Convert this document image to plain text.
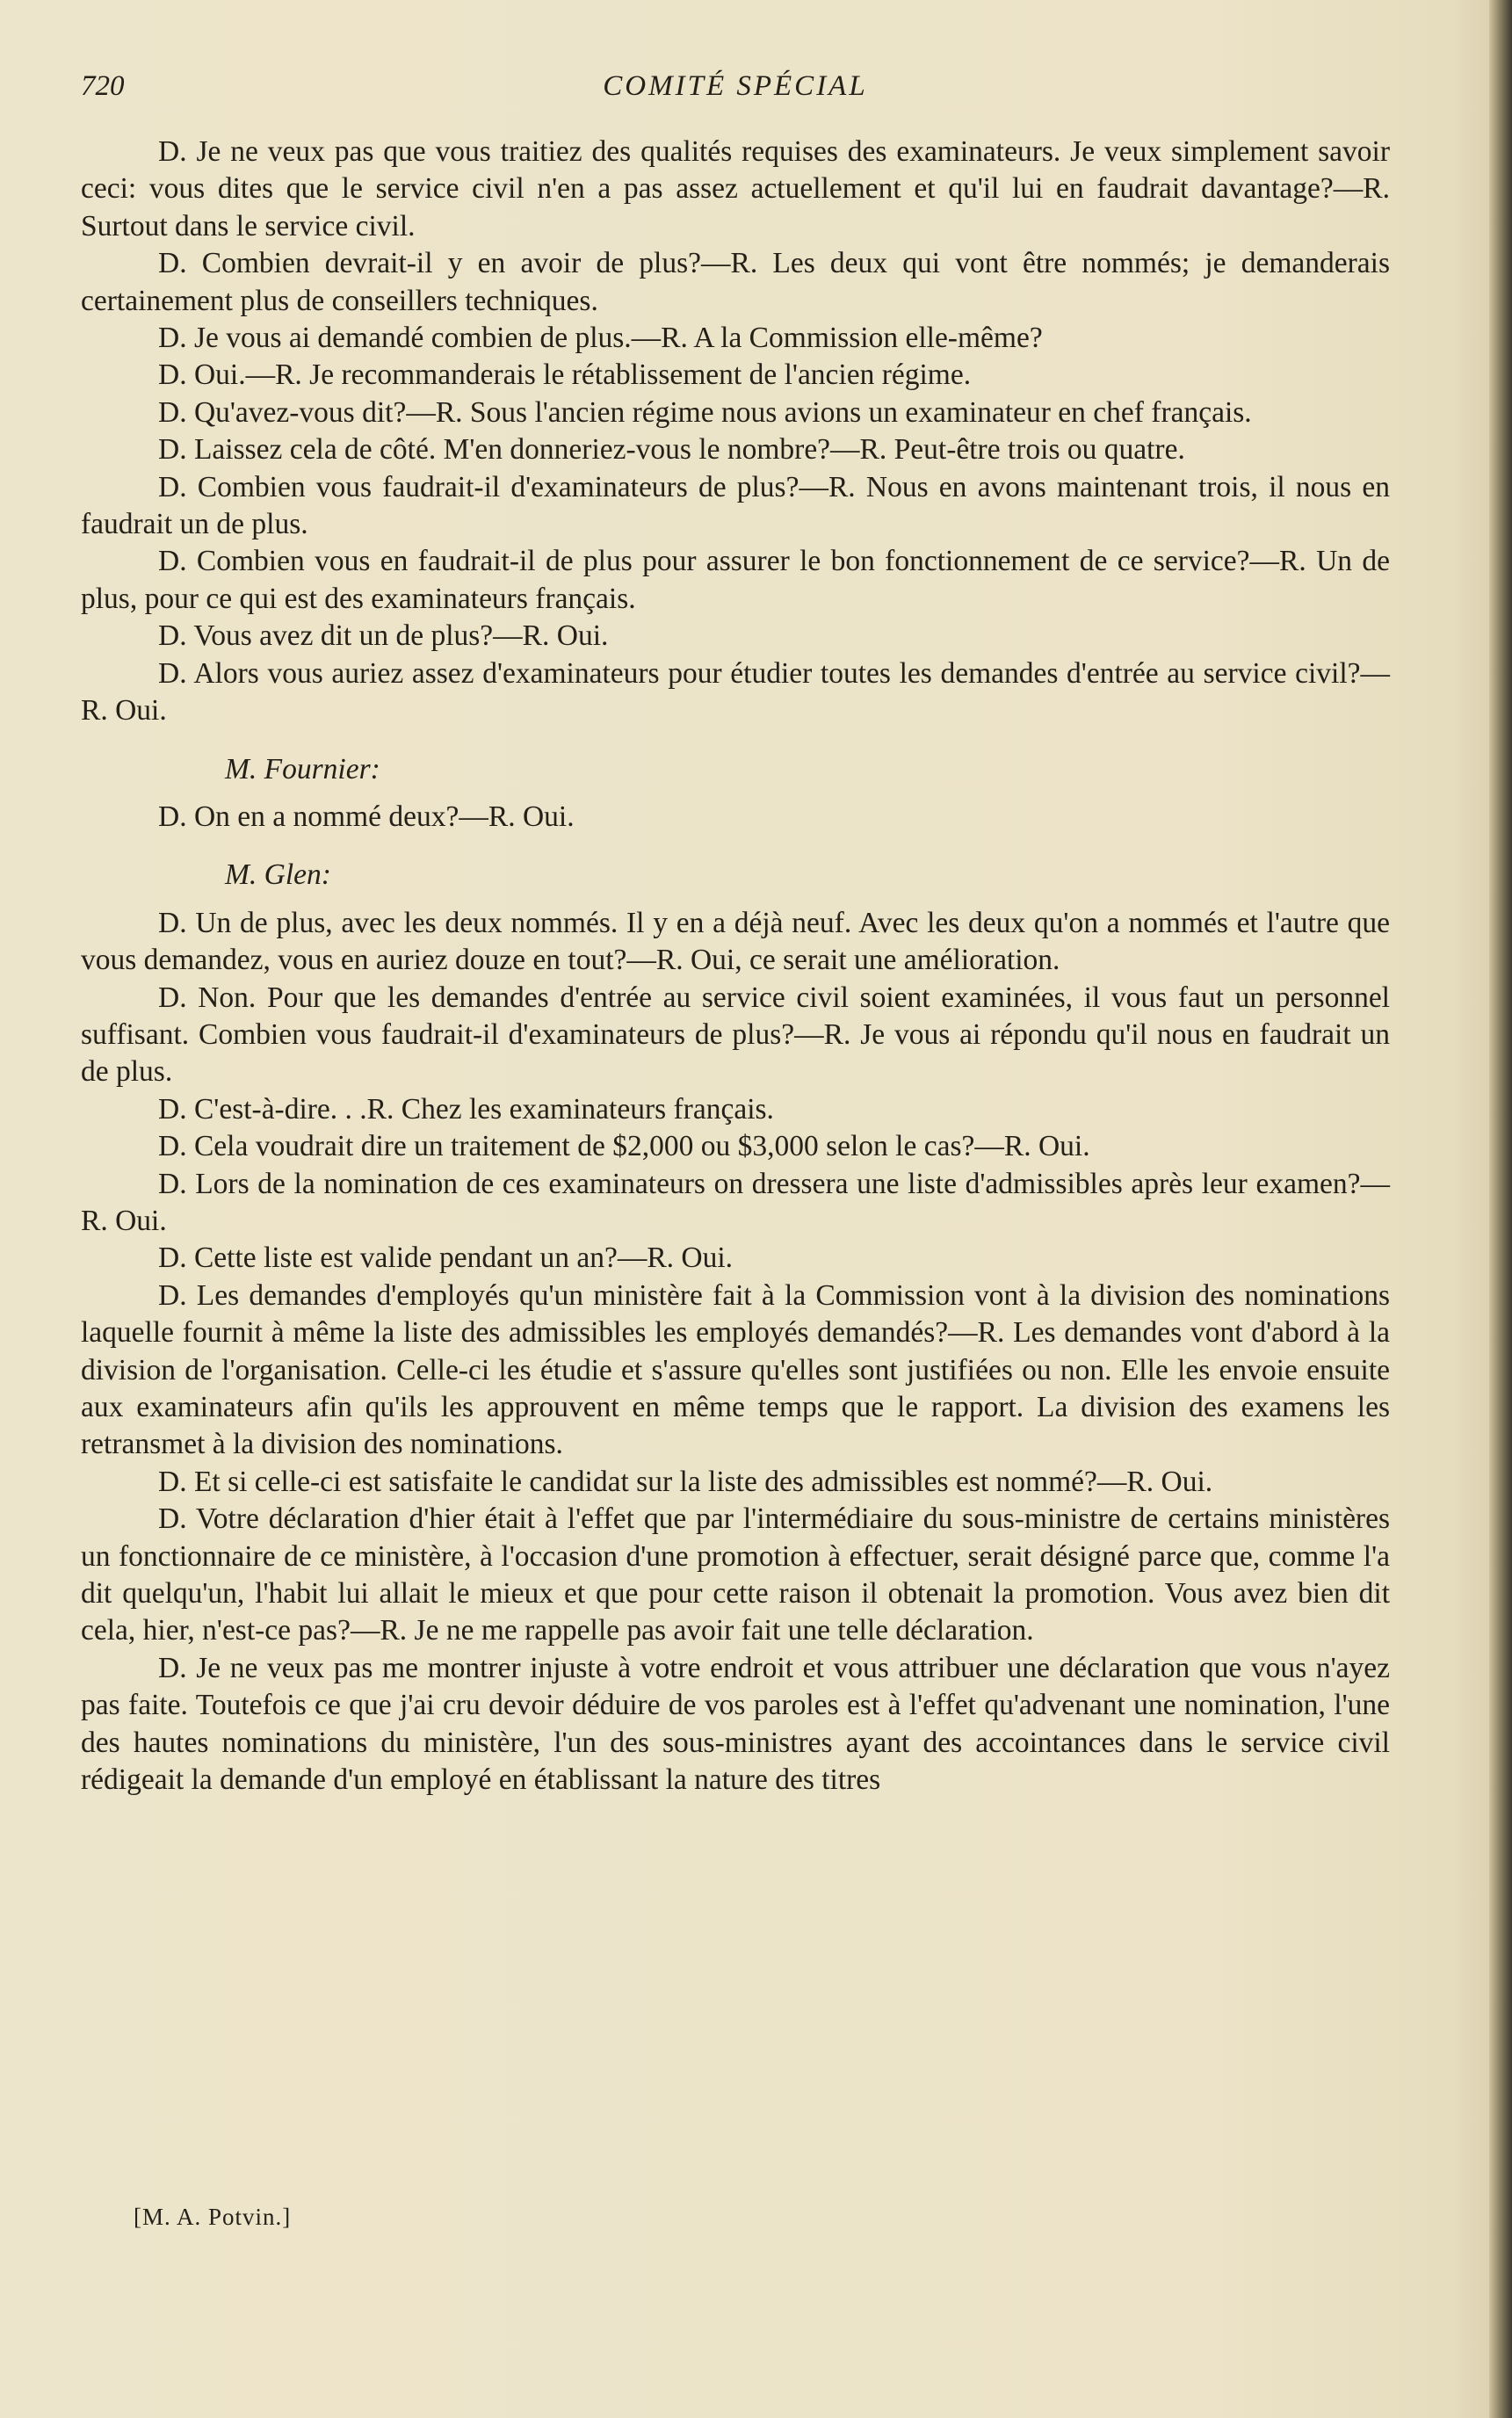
720	COMITÉ SPÉCIAL

D. Je ne veux pas que vous traitiez des qualités requises des examinateurs. Je veux simplement savoir ceci: vous dites que le service civil n'en a pas assez actuellement et qu'il lui en faudrait davantage?—R. Surtout dans le service civil.

D. Combien devrait-il y en avoir de plus?—R. Les deux qui vont être nommés; je demanderais certainement plus de conseillers techniques.

D. Je vous ai demandé combien de plus.—R. A la Commission elle-même?

D. Oui.—R. Je recommanderais le rétablissement de l'ancien régime.

D. Qu'avez-vous dit?—R. Sous l'ancien régime nous avions un examinateur en chef français.

D. Laissez cela de côté. M'en donneriez-vous le nombre?—R. Peut-être trois ou quatre.

D. Combien vous faudrait-il d'examinateurs de plus?—R. Nous en avons maintenant trois, il nous en faudrait un de plus.

D. Combien vous en faudrait-il de plus pour assurer le bon fonctionnement de ce service?—R. Un de plus, pour ce qui est des examinateurs français.

D. Vous avez dit un de plus?—R. Oui.

D. Alors vous auriez assez d'examinateurs pour étudier toutes les demandes d'entrée au service civil?—R. Oui.

M. Fournier:

D. On en a nommé deux?—R. Oui.

M. Glen:

D. Un de plus, avec les deux nommés. Il y en a déjà neuf. Avec les deux qu'on a nommés et l'autre que vous demandez, vous en auriez douze en tout?—R. Oui, ce serait une amélioration.

D. Non. Pour que les demandes d'entrée au service civil soient examinées, il vous faut un personnel suffisant. Combien vous faudrait-il d'examinateurs de plus?—R. Je vous ai répondu qu'il nous en faudrait un de plus.

D. C'est-à-dire. . .R. Chez les examinateurs français.

D. Cela voudrait dire un traitement de $2,000 ou $3,000 selon le cas?—R. Oui.

D. Lors de la nomination de ces examinateurs on dressera une liste d'admissibles après leur examen?—R. Oui.

D. Cette liste est valide pendant un an?—R. Oui.

D. Les demandes d'employés qu'un ministère fait à la Commission vont à la division des nominations laquelle fournit à même la liste des admissibles les employés demandés?—R. Les demandes vont d'abord à la division de l'organisation. Celle-ci les étudie et s'assure qu'elles sont justifiées ou non. Elle les envoie ensuite aux examinateurs afin qu'ils les approuvent en même temps que le rapport. La division des examens les retransmet à la division des nominations.

D. Et si celle-ci est satisfaite le candidat sur la liste des admissibles est nommé?—R. Oui.

D. Votre déclaration d'hier était à l'effet que par l'intermédiaire du sous-ministre de certains ministères un fonctionnaire de ce ministère, à l'occasion d'une promotion à effectuer, serait désigné parce que, comme l'a dit quelqu'un, l'habit lui allait le mieux et que pour cette raison il obtenait la promotion. Vous avez bien dit cela, hier, n'est-ce pas?—R. Je ne me rappelle pas avoir fait une telle déclaration.

D. Je ne veux pas me montrer injuste à votre endroit et vous attribuer une déclaration que vous n'ayez pas faite. Toutefois ce que j'ai cru devoir déduire de vos paroles est à l'effet qu'advenant une nomination, l'une des hautes nominations du ministère, l'un des sous-ministres ayant des accointances dans le service civil rédigeait la demande d'un employé en établissant la nature des titres

[M. A. Potvin.]
